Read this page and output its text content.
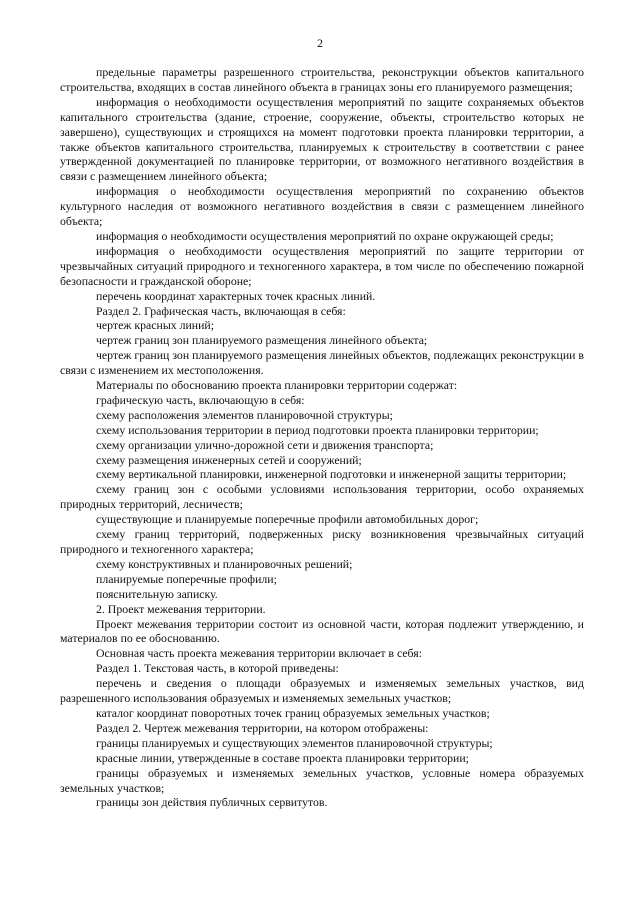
2

предельные параметры разрешенного строительства, реконструкции объектов капитального строительства, входящих в состав линейного объекта в границах зоны его планируемого размещения;

информация о необходимости осуществления мероприятий по защите сохраняемых объектов капитального строительства (здание, строение, сооружение, объекты, строительство которых не завершено), существующих и строящихся на момент подготовки проекта планировки территории, а также объектов капитального строительства, планируемых к строительству в соответствии с ранее утвержденной документацией по планировке территории, от возможного негативного воздействия в связи с размещением линейного объекта;

информация о необходимости осуществления мероприятий по сохранению объектов культурного наследия от возможного негативного воздействия в связи с размещением линейного объекта;

информация о необходимости осуществления мероприятий по охране окружающей среды;

информация о необходимости осуществления мероприятий по защите территории от чрезвычайных ситуаций природного и техногенного характера, в том числе по обеспечению пожарной безопасности и гражданской обороне;

перечень координат характерных точек красных линий.

Раздел 2. Графическая часть, включающая в себя:

чертеж красных линий;

чертеж границ зон планируемого размещения линейного объекта;

чертеж границ зон планируемого размещения линейных объектов, подлежащих реконструкции в связи с изменением их местоположения.

Материалы по обоснованию проекта планировки территории содержат:

графическую часть, включающую в себя:

схему расположения элементов планировочной структуры;

схему использования территории в период подготовки проекта планировки территории;

схему организации улично-дорожной сети и движения транспорта;

схему размещения инженерных сетей и сооружений;

схему вертикальной планировки, инженерной подготовки и инженерной защиты территории;

схему границ зон с особыми условиями использования территории, особо охраняемых природных территорий, лесничеств;

существующие и планируемые поперечные профили автомобильных дорог;

схему границ территорий, подверженных риску возникновения чрезвычайных ситуаций природного и техногенного характера;

схему конструктивных и планировочных решений;

планируемые поперечные профили;

пояснительную записку.

2. Проект межевания территории.

Проект межевания территории состоит из основной части, которая подлежит утверждению, и материалов по ее обоснованию.

Основная часть проекта межевания территории включает в себя:

Раздел 1. Текстовая часть, в которой приведены:

перечень и сведения о площади образуемых и изменяемых земельных участков, вид разрешенного использования образуемых и изменяемых земельных участков;

каталог координат поворотных точек границ образуемых земельных участков;

Раздел 2. Чертеж межевания территории, на котором отображены:

границы планируемых и существующих элементов планировочной структуры;

красные линии, утвержденные в составе проекта планировки территории;

границы образуемых и изменяемых земельных участков, условные номера образуемых земельных участков;

границы зон действия публичных сервитутов.
